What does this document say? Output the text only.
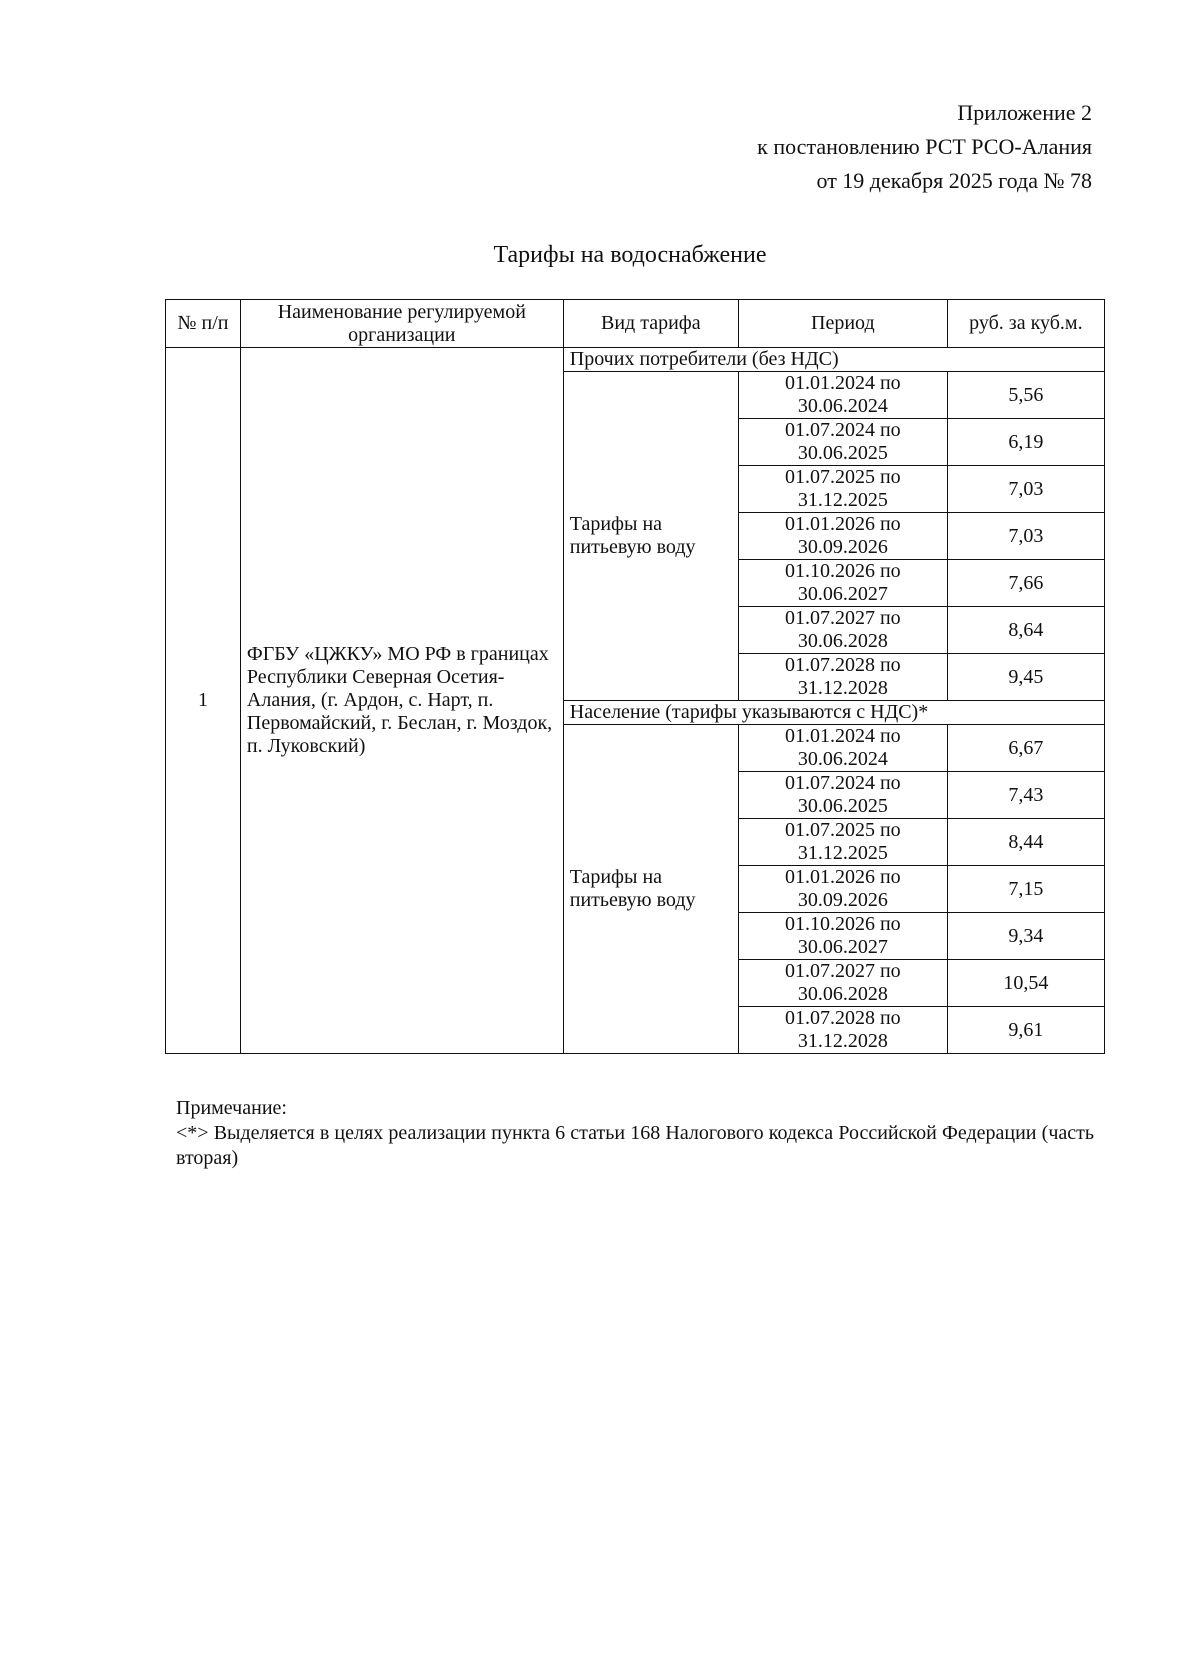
Приложение 2
к постановлению РСТ РСО-Алания
от 19 декабря 2025 года № 78
Тарифы на водоснабжение
№ п/п	Наименование регулируемой организации	Вид тарифа	Период	руб. за куб.м.
1	ФГБУ «ЦЖКУ» МО РФ в границах Республики Северная Осетия-Алания, (г. Ардон, с. Нарт, п. Первомайский, г. Беслан, г. Моздок, п. Луковский)	Прочих потребители (без НДС)		
		Тарифы на питьевую воду	01.01.2024 по 30.06.2024	5,56
			01.07.2024 по 30.06.2025	6,19
			01.07.2025 по 31.12.2025	7,03
			01.01.2026 по 30.09.2026	7,03
			01.10.2026 по 30.06.2027	7,66
			01.07.2027 по 30.06.2028	8,64
			01.07.2028 по 31.12.2028	9,45
		Население (тарифы указываются с НДС)*		
		Тарифы на питьевую воду	01.01.2024 по 30.06.2024	6,67
			01.07.2024 по 30.06.2025	7,43
			01.07.2025 по 31.12.2025	8,44
			01.01.2026 по 30.09.2026	7,15
			01.10.2026 по 30.06.2027	9,34
			01.07.2027 по 30.06.2028	10,54
			01.07.2028 по 31.12.2028	9,61
Примечание:
<*> Выделяется в целях реализации пункта 6 статьи 168 Налогового кодекса Российской Федерации (часть вторая)
